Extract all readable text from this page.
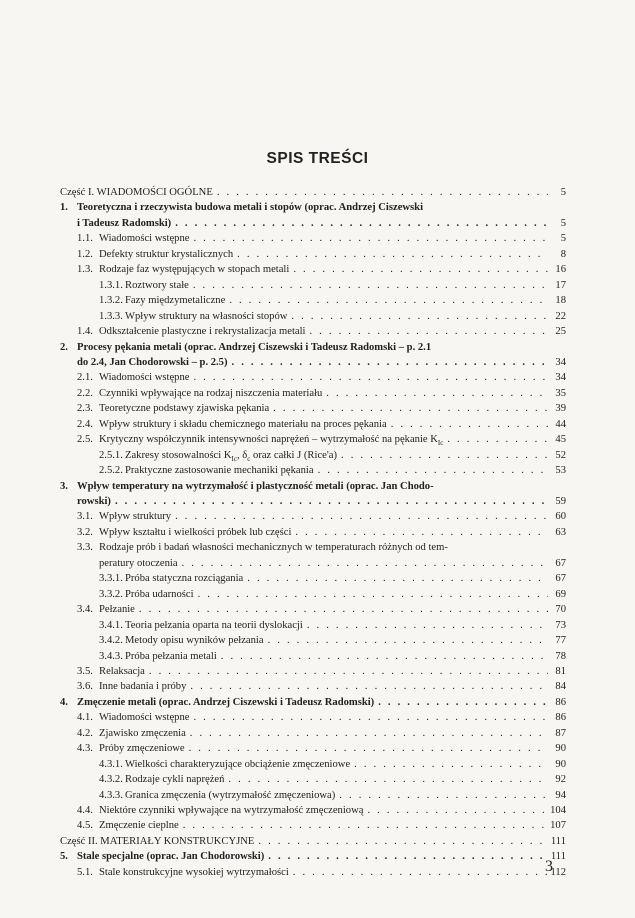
SPIS TREŚCI
Część I. WIADOMOŚCI OGÓLNE . . .	5
1. Teoretyczna i rzeczywista budowa metali i stopów (oprac. Andrzej Ciszewski
i Tadeusz Radomski) . . .	5
1.1. Wiadomości wstępne . . .	5
1.2. Defekty struktur krystalicznych . . .	8
1.3. Rodzaje faz występujących w stopach metali . . .	16
1.3.1. Roztwory stałe . . .	17
1.3.2. Fazy międzymetaliczne . . .	18
1.3.3. Wpływ struktury na własności stopów . . .	22
1.4. Odkształcenie plastyczne i rekrystalizacja metali . . .	25
2. Procesy pękania metali (oprac. Andrzej Ciszewski i Tadeusz Radomski – p. 2.1
do 2.4, Jan Chodorowski – p. 2.5) . . .	34
2.1. Wiadomości wstępne . . .	34
2.2. Czynniki wpływające na rodzaj niszczenia materiału . . .	35
2.3. Teoretyczne podstawy zjawiska pękania . . .	39
2.4. Wpływ struktury i składu chemicznego materiału na proces pękania . . .	44
2.5. Krytyczny współczynnik intensywności naprężeń – wytrzymałość na pękanie $K_{Ic}$ . . .	45
2.5.1. Zakresy stosowalności $K_{Ic}$, $\delta_c$ oraz całki J (Rice'a) . . .	52
2.5.2. Praktyczne zastosowanie mechaniki pękania . . .	53
3. Wpływ temperatury na wytrzymałość i plastyczność metali (oprac. Jan Chodo-
rowski) . . .	59
3.1. Wpływ struktury . . .	60
3.2. Wpływ kształtu i wielkości próbek lub części . . .	63
3.3. Rodzaje prób i badań własności mechanicznych w temperaturach różnych od tem-
peratury otoczenia . . .	67
3.3.1. Próba statyczna rozciągania . . .	67
3.3.2. Próba udarności . . .	69
3.4. Pełzanie . . .	70
3.4.1. Teoria pełzania oparta na teorii dyslokacji . . .	73
3.4.2. Metody opisu wyników pełzania . . .	77
3.4.3. Próba pełzania metali . . .	78
3.5. Relaksacja . . .	81
3.6. Inne badania i próby . . .	84
4. Zmęczenie metali (oprac. Andrzej Ciszewski i Tadeusz Radomski) . . .	86
4.1. Wiadomości wstępne . . .	86
4.2. Zjawisko zmęczenia . . .	87
4.3. Próby zmęczeniowe . . .	90
4.3.1. Wielkości charakteryzujące obciążenie zmęczeniowe . . .	90
4.3.2. Rodzaje cykli naprężeń . . .	92
4.3.3. Granica zmęczenia (wytrzymałość zmęczeniowa) . . .	94
4.4. Niektóre czynniki wpływające na wytrzymałość zmęczeniową . . .	104
4.5. Zmęczenie cieplne . . .	107
Część II. MATERIAŁY KONSTRUKCYJNE . . .	111
5. Stale specjalne (oprac. Jan Chodorowski) . . .	111
5.1. Stale konstrukcyjne wysokiej wytrzymałości . . .	112
3
